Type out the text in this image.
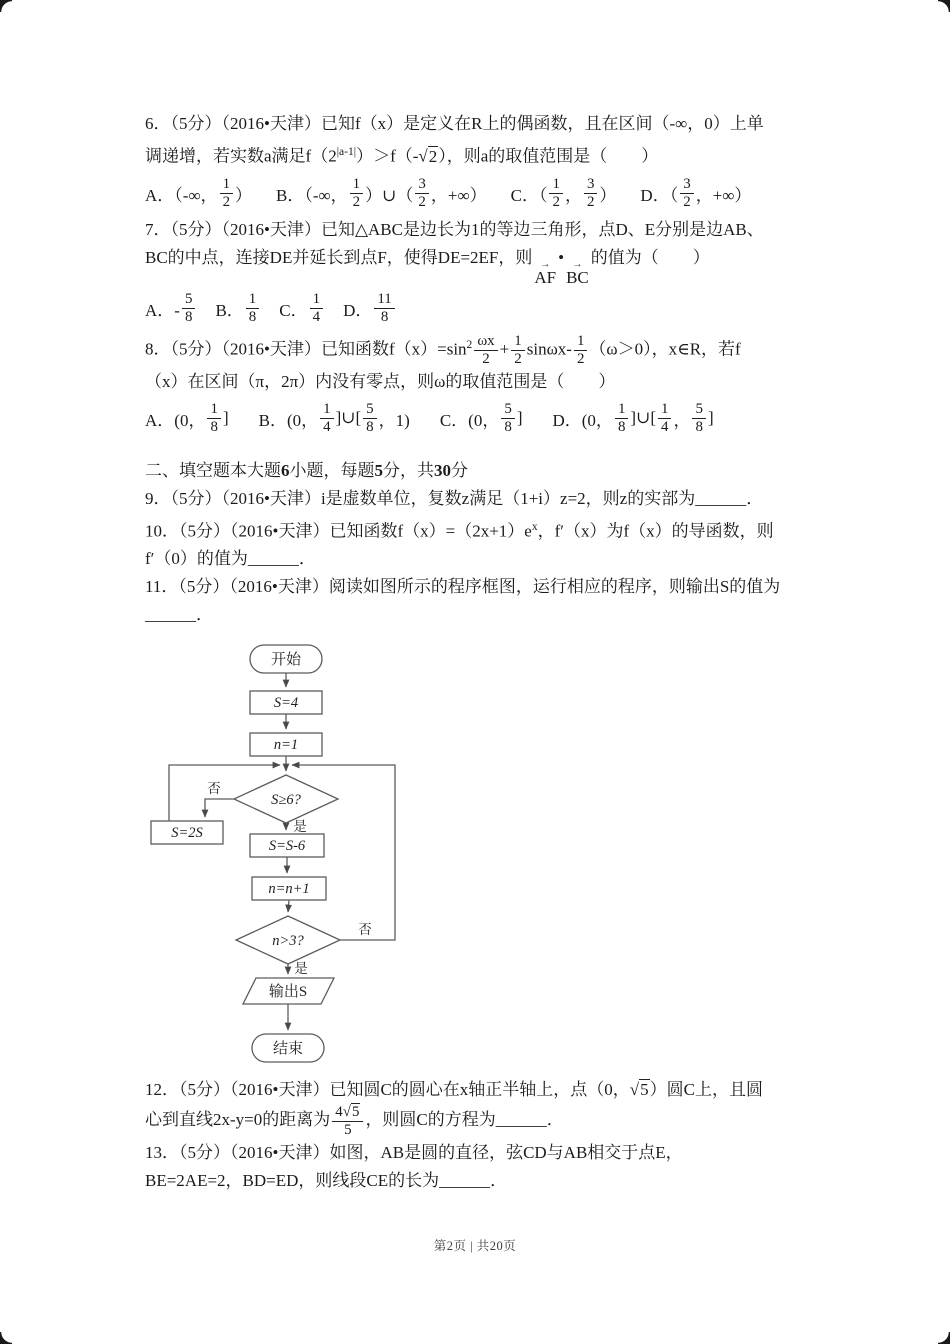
6．（5分）（2016•天津）已知f（x）是定义在R上的偶函数，且在区间（-∞，0）上单

调递增，若实数a满足$f(2^{|a-1|})>f(-√2)$，则a的取值范围是（　　）

A．（-∞， $\frac{1}{2}$ ） B．（-∞， $\frac{1}{2}$ ）∪（ $\frac{3}{2}$ ，+∞） C．（ $\frac{1}{2}$ ， $\frac{3}{2}$ ） D．（ $\frac{3}{2}$ ，+∞）

7．（5分）（2016•天津）已知△ABC是边长为1的等边三角形，点D、E分别是边AB、

BC的中点，连接DE并延长到点F，使得DE=2EF，则 →
AF
• →
BC
的值为（　　）

A．- $\frac{5}{8}$ B． $\frac{1}{8}$ C． $\frac{1}{4}$ D． $\frac{11}{8}$

8．（5分）（2016•天津）已知函数$f(x)=\sin^2 \frac{\omega x}{2} + \frac{1}{2} \sin\omega x- \frac{1}{2} (\omega>0)$，x∈R，若f

（x）在区间（π，2π）内没有零点，则ω的取值范围是（　　）

A．(0， $\frac{1}{8}$ ] B．(0， $\frac{1}{4}$ ]∪[ $\frac{5}{8}$ ，1) C．(0， $\frac{5}{8}$ ] D．(0， $\frac{1}{8}$ ]∪[ $\frac{1}{4}$ ， $\frac{5}{8}$ ]

二、填空题本大题6小题，每题5分，共30分

9．（5分）（2016•天津）i是虚数单位，复数z满足（1+i）z=2，则z的实部为______．

10．（5分）（2016•天津）已知函数$f(x)=(2x+1)e^x$，f′（x）为f（x）的导函数，则

f′（0）的值为______．

11．（5分）（2016•天津）阅读如图所示的程序框图，运行相应的程序，则输出S的值为

______．

开始
S=4
n=1
S≥6?
否
是
S=2S
S=S-6
n=n+1
n>3?
否
是
输出S
结束

12．（5分）（2016•天津）已知圆C的圆心在x轴正半轴上，点（0，√5）圆C上，且圆

心到直线2x-y=0的距离为 $\frac{4√5}{5}$ ，则圆C的方程为______．

13．（5分）（2016•天津）如图，AB是圆的直径，弦CD与AB相交于点E，

BE=2AE=2，BD=ED，则线段CE的长为______．

第2页 | 共20页
